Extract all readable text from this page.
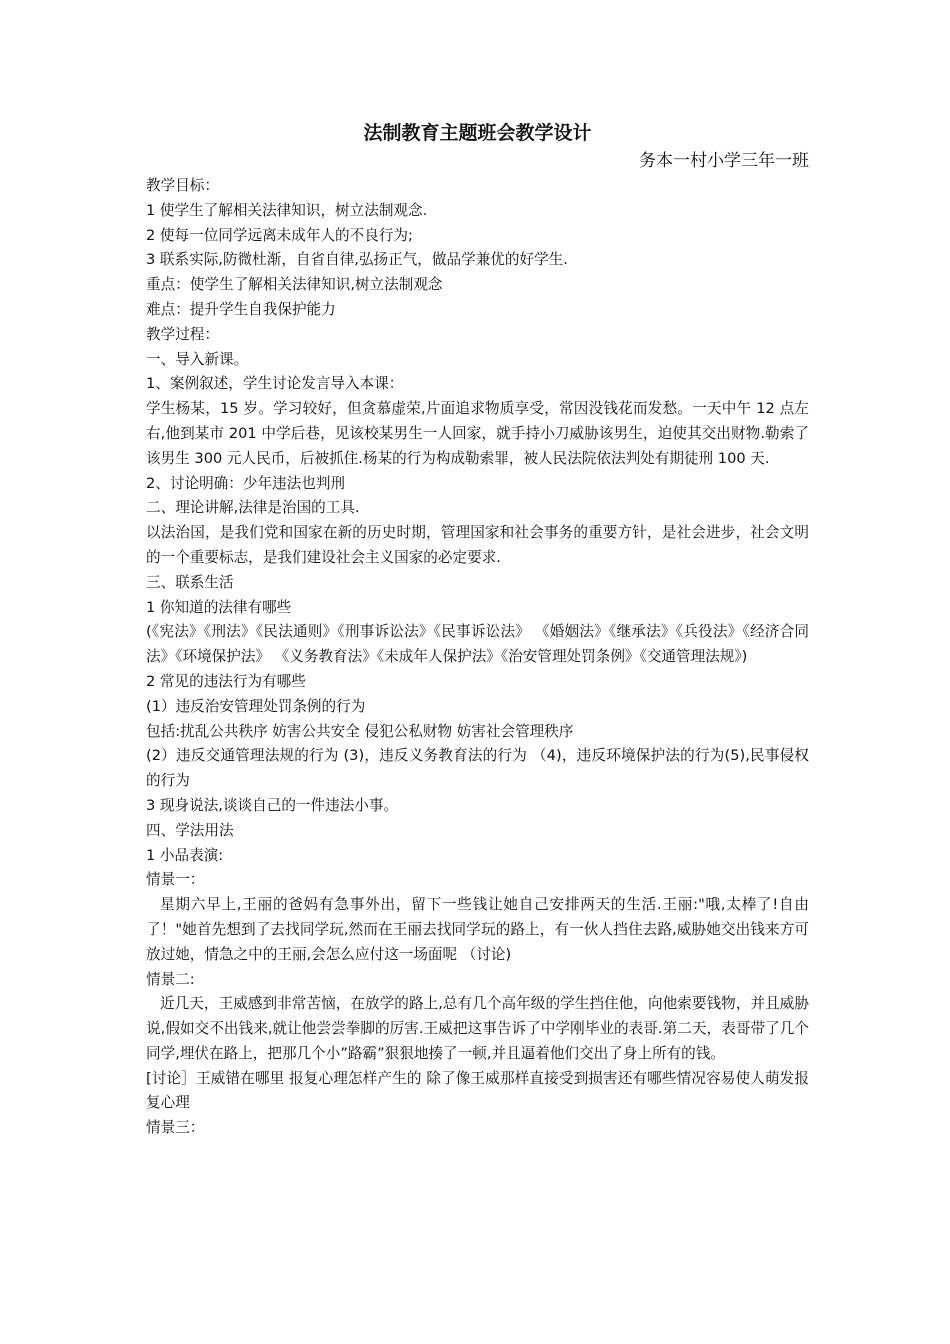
法制教育主题班会教学设计

务本一村小学三年一班

教学目标：

1 使学生了解相关法律知识，树立法制观念.

2 使每一位同学远离未成年人的不良行为;

3 联系实际,防微杜渐，自省自律,弘扬正气，做品学兼优的好学生.

重点：使学生了解相关法律知识,树立法制观念

难点：提升学生自我保护能力

教学过程：

一、导入新课。

1、案例叙述，学生讨论发言导入本课：

学生杨某，15 岁。学习较好，但贪慕虚荣,片面追求物质享受，常因没钱花而发愁。一天中午 12 点左右,他到某市 201 中学后巷，见该校某男生一人回家，就手持小刀威胁该男生，迫使其交出财物.勒索了该男生 300 元人民币，后被抓住.杨某的行为构成勒索罪，被人民法院依法判处有期徒刑 100 天.

2、讨论明确：少年违法也判刑

二、理论讲解,法律是治国的工具.

以法治国，是我们党和国家在新的历史时期，管理国家和社会事务的重要方针，是社会进步，社会文明的一个重要标志，是我们建设社会主义国家的必定要求.

三、联系生活

1 你知道的法律有哪些

(《宪法》《刑法》《民法通则》《刑事诉讼法》《民事诉讼法》 《婚姻法》《继承法》《兵役法》《经济合同法》《环境保护法》 《义务教育法》《未成年人保护法》《治安管理处罚条例》《交通管理法规》)

2 常见的违法行为有哪些

(1）违反治安管理处罚条例的行为

包括:扰乱公共秩序 妨害公共安全 侵犯公私财物 妨害社会管理秩序

(2）违反交通管理法规的行为 (3)，违反义务教育法的行为 （4)，违反环境保护法的行为(5),民事侵权的行为

3 现身说法,谈谈自己的一件违法小事。

四、学法用法

1 小品表演:

情景一：

星期六早上,王丽的爸妈有急事外出，留下一些钱让她自己安排两天的生活.王丽:"哦,太棒了!自由了！"她首先想到了去找同学玩,然而在王丽去找同学玩的路上，有一伙人挡住去路,威胁她交出钱来方可放过她，情急之中的王丽,会怎么应付这一场面呢 （讨论)

情景二:

近几天，王威感到非常苦恼，在放学的路上,总有几个高年级的学生挡住他，向他索要钱物，并且威胁说,假如交不出钱来,就让他尝尝拳脚的厉害.王威把这事告诉了中学刚毕业的表哥.第二天，表哥带了几个同学,埋伏在路上，把那几个小”路霸”狠狠地揍了一顿,并且逼着他们交出了身上所有的钱。

[讨论］王威错在哪里 报复心理怎样产生的 除了像王威那样直接受到损害还有哪些情况容易使人萌发报复心理

情景三：
